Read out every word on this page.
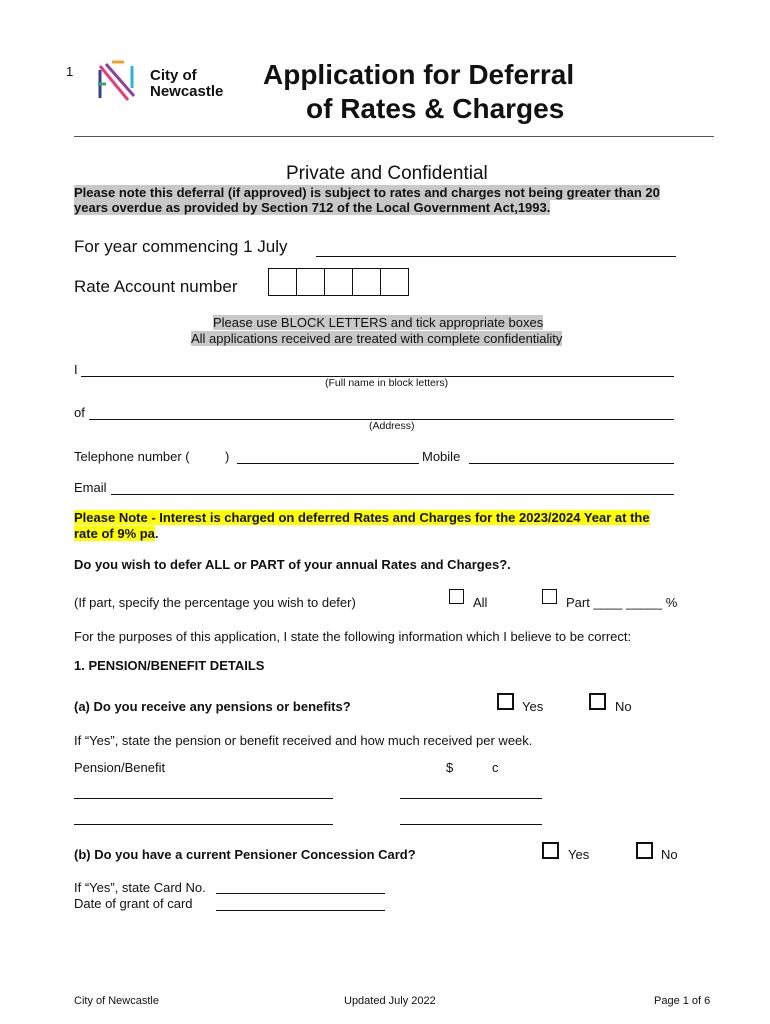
1	City of
Newcastle
Application for Deferral
of Rates & Charges
Private and Confidential
Please note this deferral (if approved) is subject to rates and charges not being greater than 20
years overdue as provided by Section 712 of the Local Government Act,1993.
For year commencing 1 July
Rate Account number
Please use BLOCK LETTERS and tick appropriate boxes
All applications received are treated with complete confidentiality
I
(Full name in block letters)
of
(Address)
Telephone number (	)	Mobile
Email
Please Note - Interest is charged on deferred Rates and Charges for the 2023/2024 Year at the
rate of 9% pa.
Do you wish to defer ALL or PART of your annual Rates and Charges?.
(If part, specify the percentage you wish to defer)	All	Part ____ _____ %
For the purposes of this application, I state the following information which I believe to be correct:
1. PENSION/BENEFIT DETAILS
(a) Do you receive any pensions or benefits?	Yes	No
If “Yes”, state the pension or benefit received and how much received per week.
Pension/Benefit	$	c
(b) Do you have a current Pensioner Concession Card?	Yes	No
If “Yes”, state Card No.
Date of grant of card
City of Newcastle	Updated July 2022	Page 1 of 6
